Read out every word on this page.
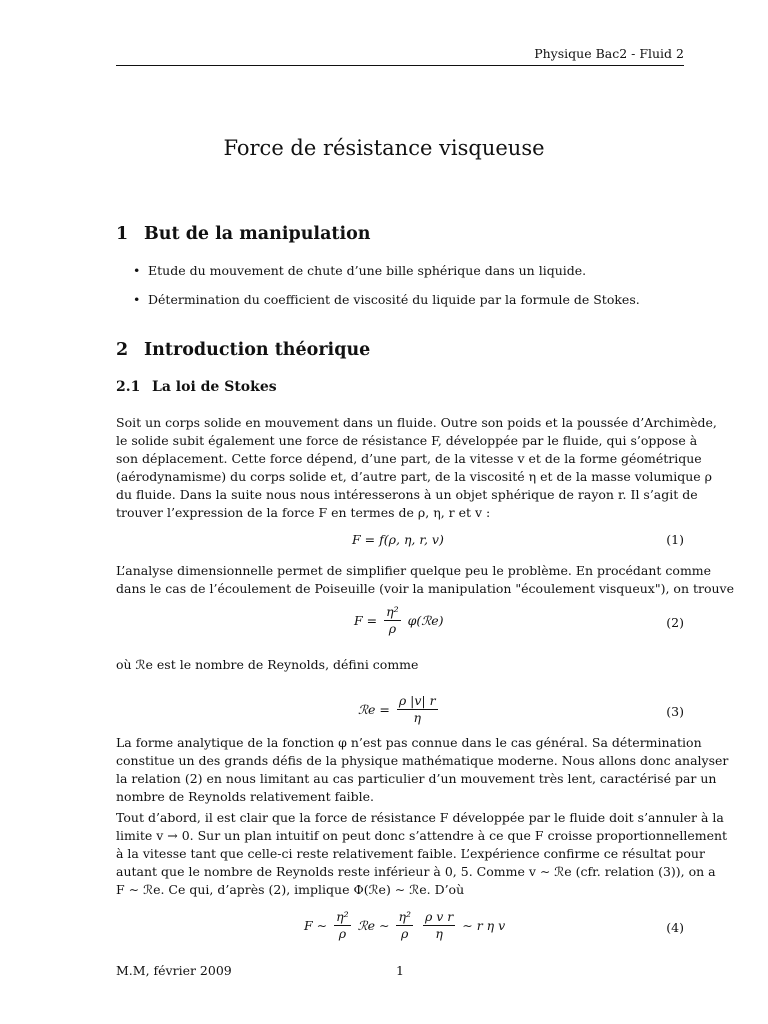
Physique Bac2 - Fluid 2
Force de résistance visqueuse
1 But de la manipulation
• Etude du mouvement de chute d’une bille sphérique dans un liquide.
• Détermination du coefficient de viscosité du liquide par la formule de Stokes.
2 Introduction théorique
2.1 La loi de Stokes
Soit un corps solide en mouvement dans un fluide. Outre son poids et la poussée d’Archimède,
le solide subit également une force de résistance F, développée par le fluide, qui s’oppose à
son déplacement. Cette force dépend, d’une part, de la vitesse v et de la forme géométrique
(aérodynamisme) du corps solide et, d’autre part, de la viscosité η et de la masse volumique ρ
du fluide. Dans la suite nous nous intéresserons à un objet sphérique de rayon r. Il s’agit de
trouver l’expression de la force F en termes de ρ, η, r et v :
F = f(ρ, η, r, v)	(1)
L’analyse dimensionnelle permet de simplifier quelque peu le problème. En procédant comme
dans le cas de l’écoulement de Poiseuille (voir la manipulation "écoulement visqueux"), on trouve
$F = \frac{\text{η²}}{\rho}$ φ(ℛe)	(2)
où ℛe est le nombre de Reynolds, défini comme
ℛe = $\frac{\rho |v| r}{\eta}$	(3)
La forme analytique de la fonction φ n’est pas connue dans le cas général. Sa détermination
constitue un des grands défis de la physique mathématique moderne. Nous allons donc analyser
la relation (2) en nous limitant au cas particulier d’un mouvement très lent, caractérisé par un
nombre de Reynolds relativement faible.
Tout d’abord, il est clair que la force de résistance F développée par le fluide doit s’annuler à la
limite v → 0. Sur un plan intuitif on peut donc s’attendre à ce que F croisse proportionnellement
à la vitesse tant que celle-ci reste relativement faible. L’expérience confirme ce résultat pour
autant que le nombre de Reynolds reste inférieur à 0, 5. Comme v ∼ ℛe (cfr. relation (3)), on a
F ∼ ℛe. Ce qui, d’après (2), implique Φ(ℛe) ∼ ℛe. D’où
F ∼ $\frac{\text{η²}}{\rho}$ ℛe ∼ $\frac{\text{η²}}{\rho}$
$\frac{\text{ρ v r}}{\eta}$ ∼ r η v	(4)
M.M, février 2009	1
